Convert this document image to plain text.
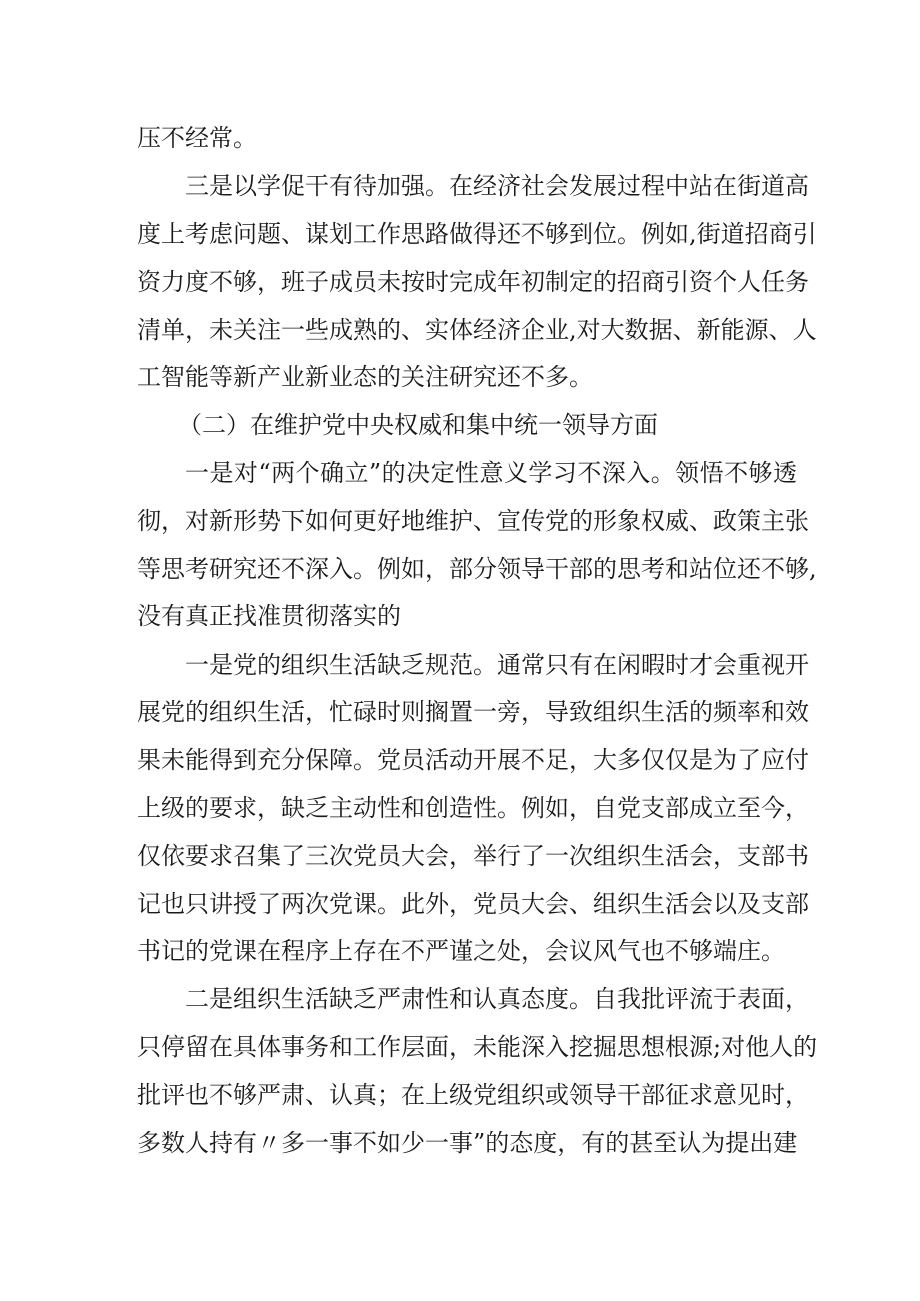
压不经常。
三是以学促干有待加强。在经济社会发展过程中站在街道高
度上考虑问题、谋划工作思路做得还不够到位。例如,街道招商引
资力度不够，班子成员未按时完成年初制定的招商引资个人任务
清单，未关注一些成熟的、实体经济企业,对大数据、新能源、人
工智能等新产业新业态的关注研究还不多。
（二）在维护党中央权威和集中统一领导方面
一是对“两个确立”的决定性意义学习不深入。领悟不够透
彻，对新形势下如何更好地维护、宣传党的形象权威、政策主张
等思考研究还不深入。例如，部分领导干部的思考和站位还不够,
没有真正找准贯彻落实的
一是党的组织生活缺乏规范。通常只有在闲暇时才会重视开
展党的组织生活，忙碌时则搁置一旁，导致组织生活的频率和效
果未能得到充分保障。党员活动开展不足，大多仅仅是为了应付
上级的要求，缺乏主动性和创造性。例如，自党支部成立至今，
仅依要求召集了三次党员大会，举行了一次组织生活会，支部书
记也只讲授了两次党课。此外，党员大会、组织生活会以及支部
书记的党课在程序上存在不严谨之处，会议风气也不够端庄。
二是组织生活缺乏严肃性和认真态度。自我批评流于表面，
只停留在具体事务和工作层面，未能深入挖掘思想根源;对他人的
批评也不够严肃、认真；在上级党组织或领导干部征求意见时，
多数人持有〃多一事不如少一事”的态度，有的甚至认为提出建
